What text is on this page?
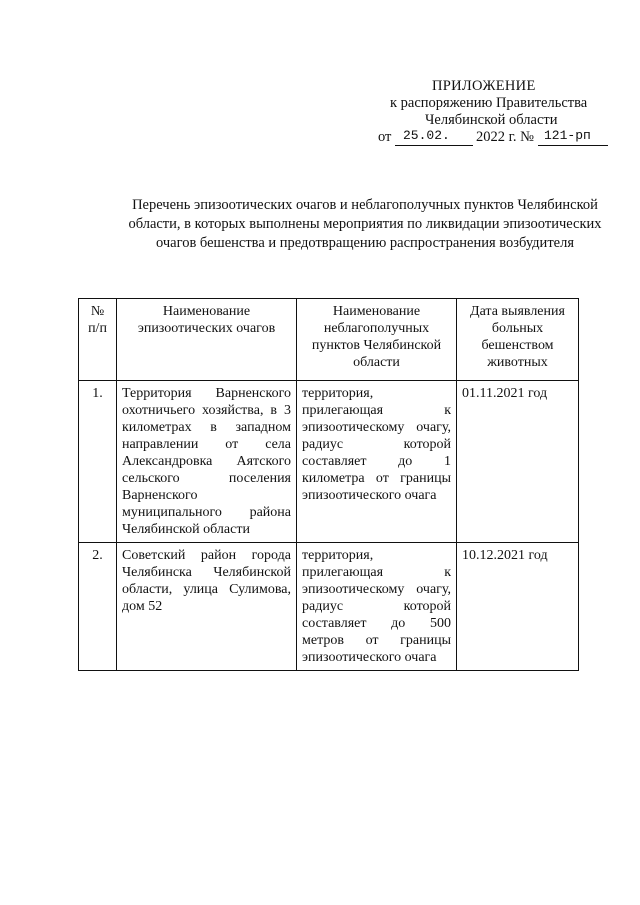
ПРИЛОЖЕНИЕ
к распоряжению Правительства
Челябинской области
от 25.02. 2022 г. № 121-рп
Перечень эпизоотических очагов и неблагополучных пунктов Челябинской области, в которых выполнены мероприятия по ликвидации эпизоотических очагов бешенства и предотвращению распространения возбудителя
№ п/п	Наименование эпизоотических очагов	Наименование неблагополучных пунктов Челябинской области	Дата выявления больных бешенством животных
1.	Территория Варненского охотничьего хозяйства, в 3 километрах в западном направлении от села Александровка Аятского сельского поселения Варненского муниципального района Челябинской области	территория, прилегающая к эпизоотическому очагу, радиус которой составляет до 1 километра от границы эпизоотического очага	01.11.2021 год
2.	Советский район города Челябинска Челябинской области, улица Сулимова, дом 52	территория, прилегающая к эпизоотическому очагу, радиус которой составляет до 500 метров от границы эпизоотического очага	10.12.2021 год
